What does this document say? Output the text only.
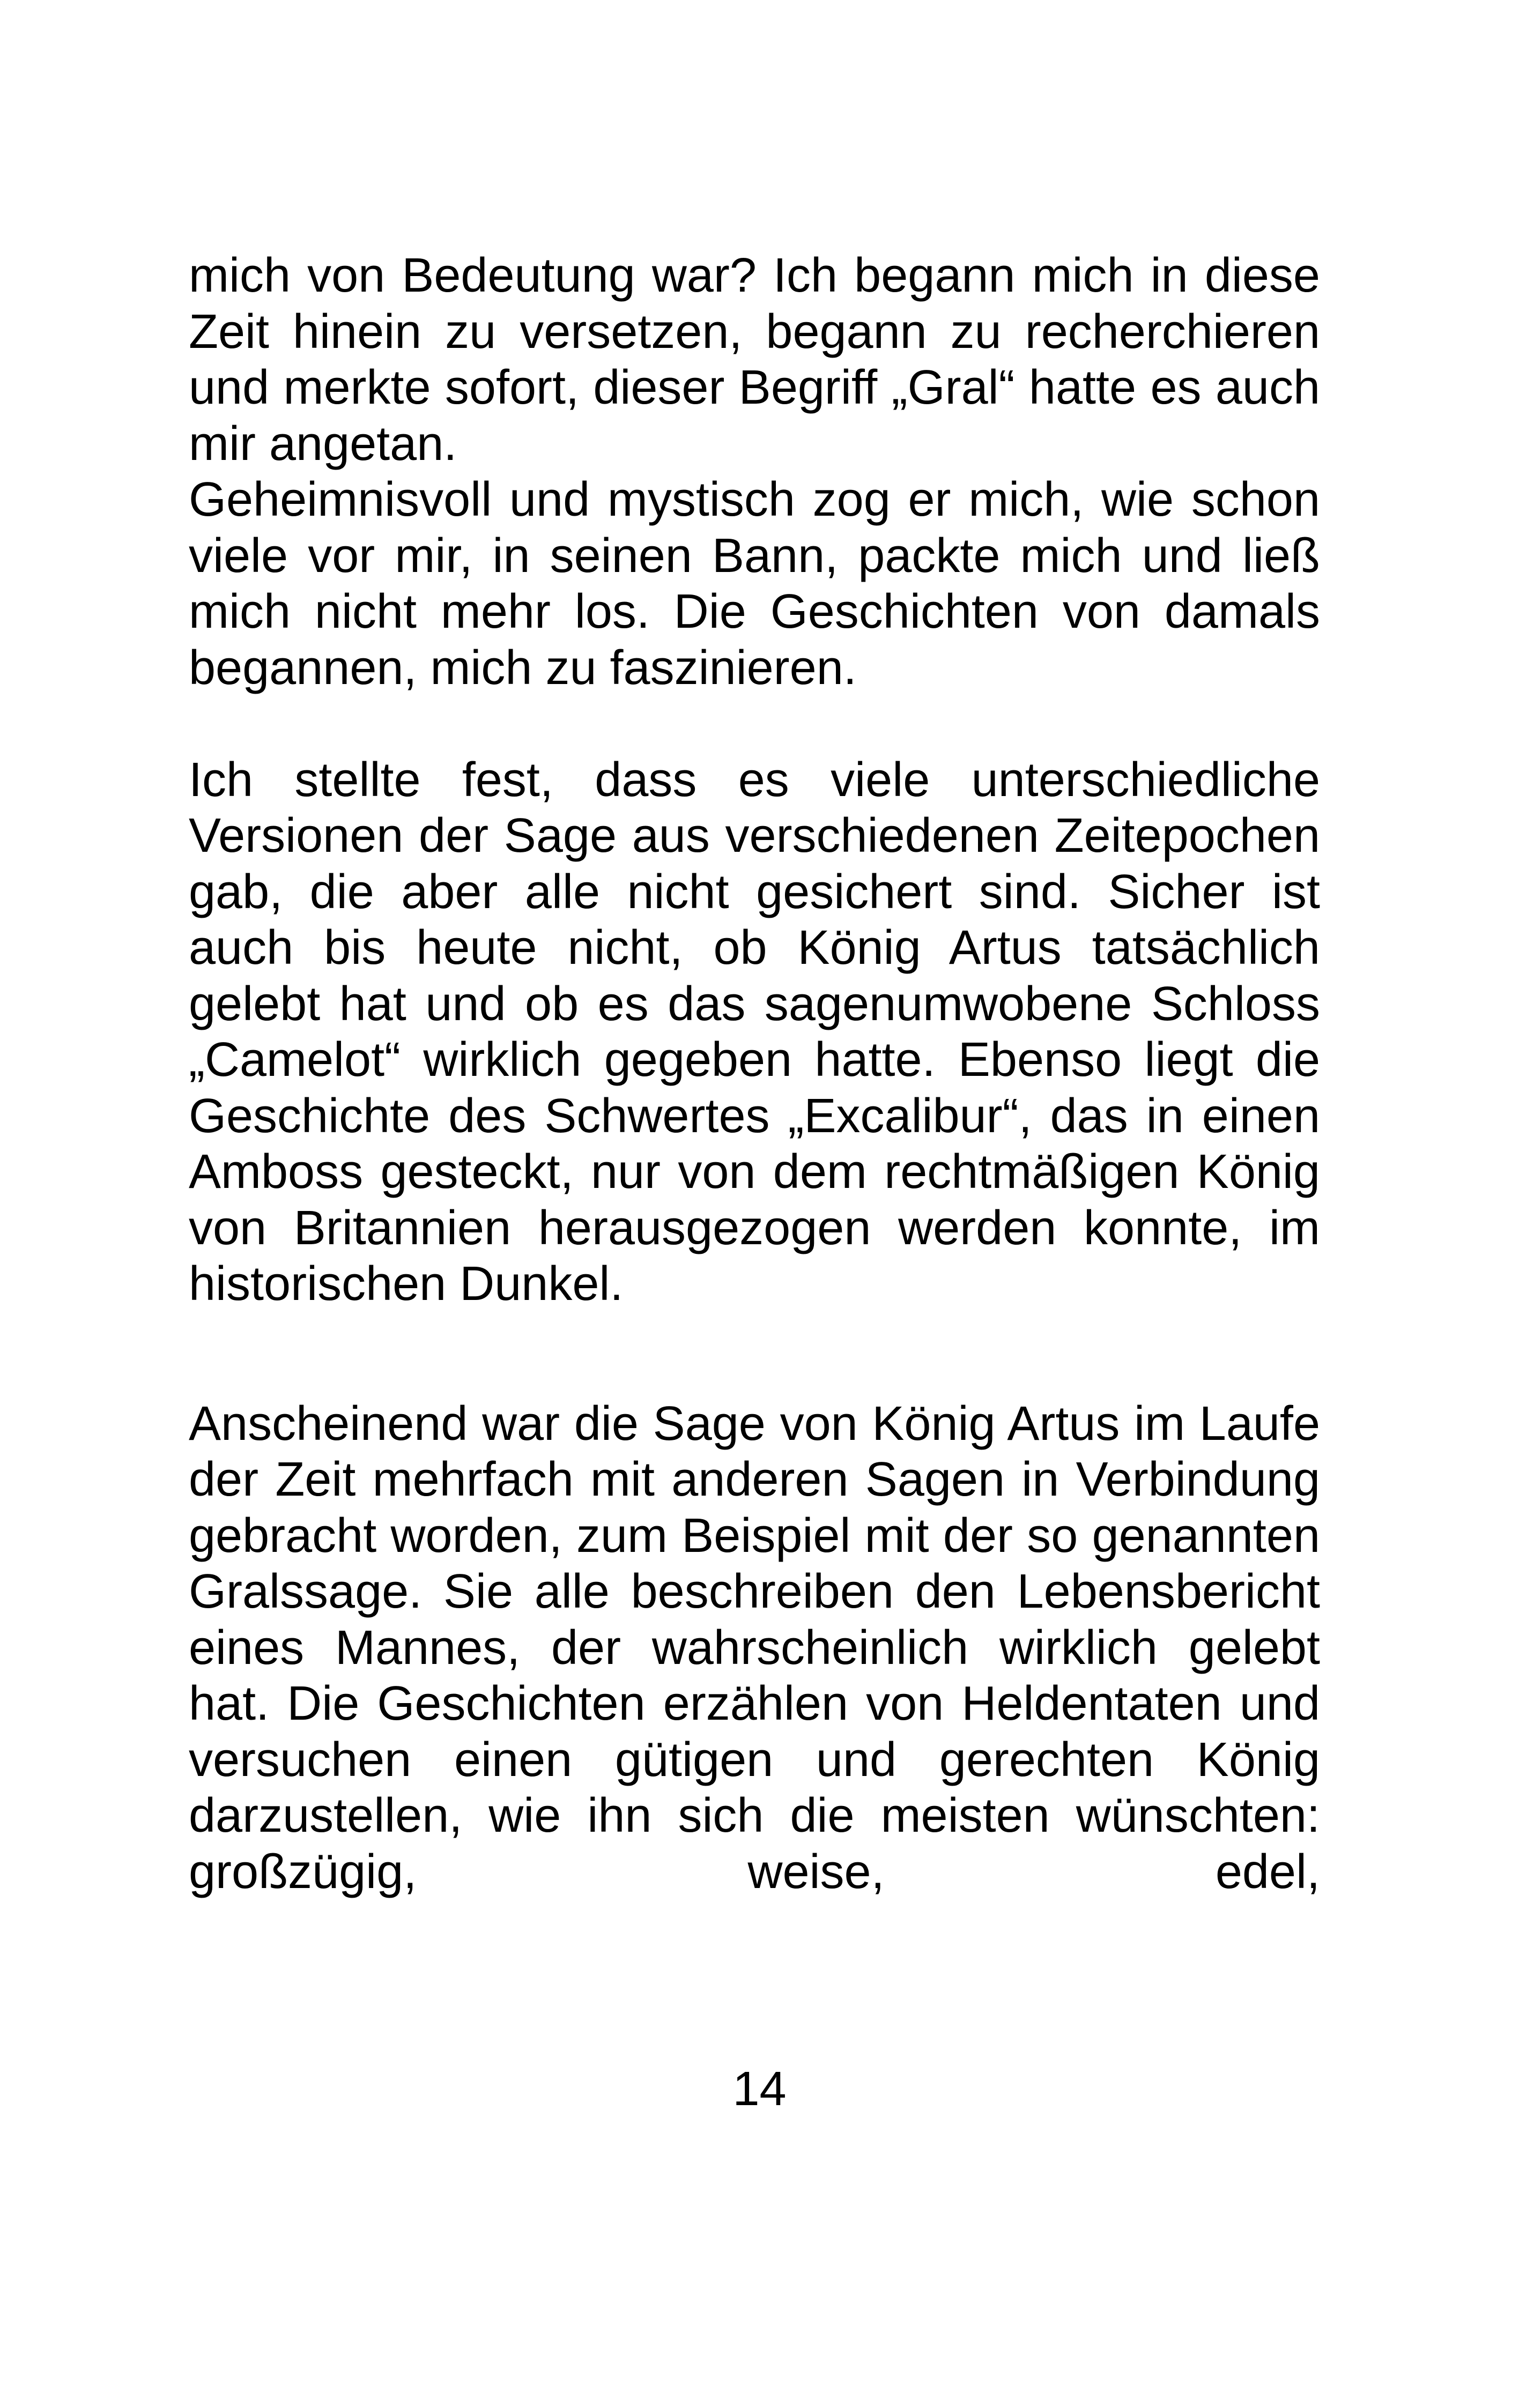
mich von Bedeutung war? Ich begann mich in diese Zeit hinein zu versetzen, begann zu recherchieren und merkte sofort, dieser Begriff „Gral“ hatte es auch mir angetan.

Geheimnisvoll und mystisch zog er mich, wie schon viele vor mir, in seinen Bann, packte mich und ließ mich nicht mehr los. Die Geschichten von damals begannen, mich zu faszinieren.

Ich stellte fest, dass es viele unterschiedliche Versionen der Sage aus verschiedenen Zeitepochen gab, die aber alle nicht gesichert sind. Sicher ist auch bis heute nicht, ob König Artus tatsächlich gelebt hat und ob es das sagenumwobene Schloss „Camelot“ wirklich gegeben hatte. Ebenso liegt die Geschichte des Schwertes „Excalibur“, das in einen Amboss gesteckt, nur von dem rechtmäßigen König von Britannien herausgezogen werden konnte, im historischen Dunkel.

Anscheinend war die Sage von König Artus im Laufe der Zeit mehrfach mit anderen Sagen in Verbindung gebracht worden, zum Beispiel mit der so genannten Gralssage. Sie alle beschreiben den Lebensbericht eines Mannes, der wahrscheinlich wirklich gelebt hat. Die Geschichten erzählen von Heldentaten und versuchen einen gütigen und gerechten König darzustellen, wie ihn sich die meisten wünschten: großzügig, weise, edel,

14
